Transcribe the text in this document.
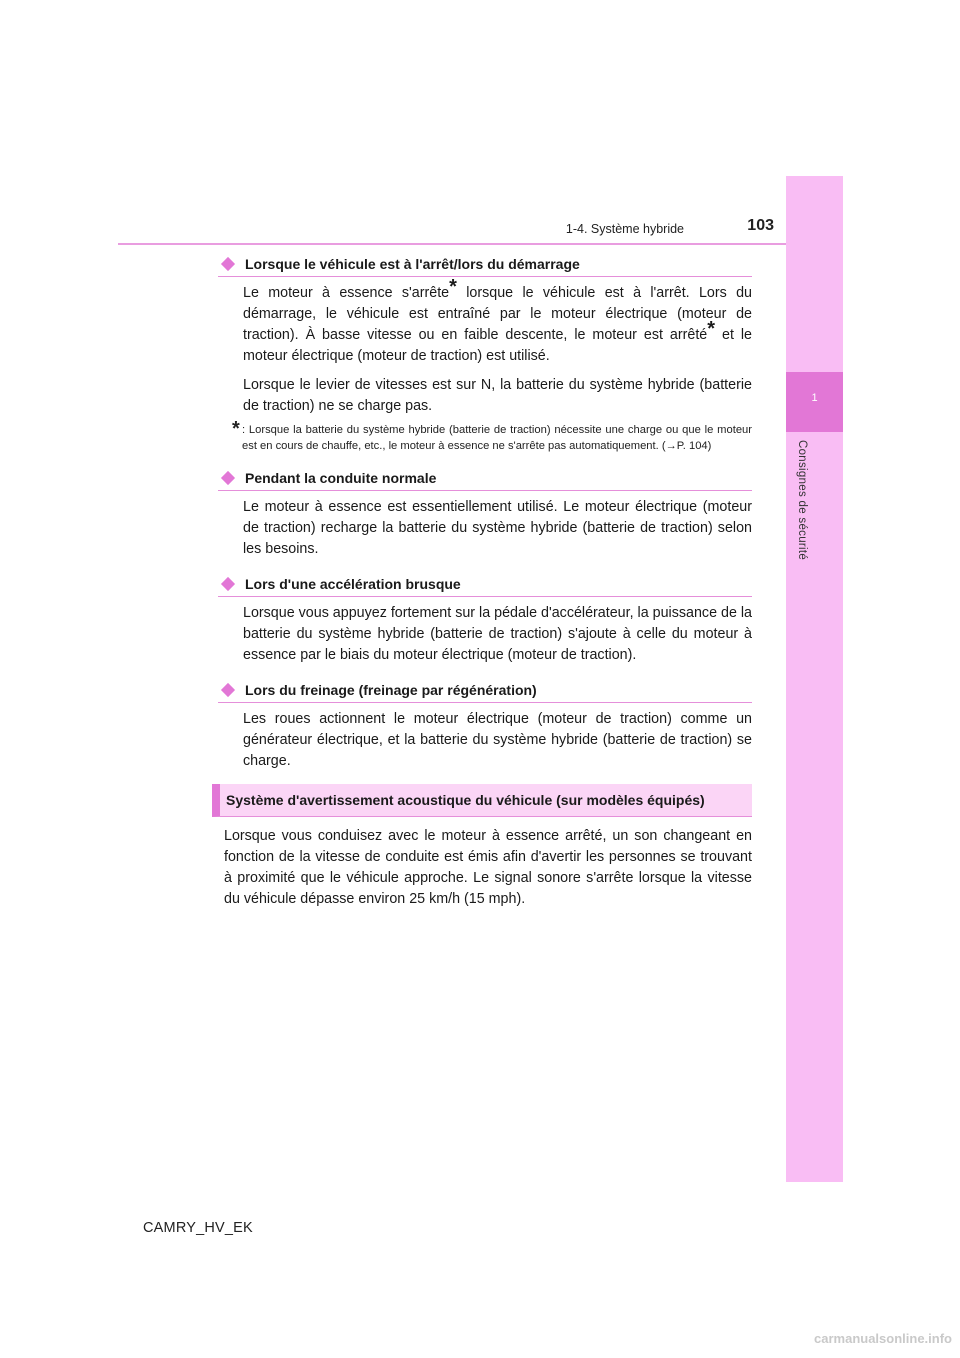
1-4. Système hybride	103
1
Consignes de sécurité
Lorsque le véhicule est à l'arrêt/lors du démarrage

Le moteur à essence s'arrête* lorsque le véhicule est à l'arrêt. Lors du démarrage, le véhicule est entraîné par le moteur électrique (moteur de traction). À basse vitesse ou en faible descente, le moteur est arrêté* et le moteur électrique (moteur de traction) est utilisé.

Lorsque le levier de vitesses est sur N, la batterie du système hybride (batterie de traction) ne se charge pas.

* : Lorsque la batterie du système hybride (batterie de traction) nécessite une charge ou que le moteur est en cours de chauffe, etc., le moteur à essence ne s'arrête pas automatiquement. (→P. 104)
Pendant la conduite normale

Le moteur à essence est essentiellement utilisé. Le moteur électrique (moteur de traction) recharge la batterie du système hybride (batterie de traction) selon les besoins.

Lors d'une accélération brusque

Lorsque vous appuyez fortement sur la pédale d'accélérateur, la puissance de la batterie du système hybride (batterie de traction) s'ajoute à celle du moteur à essence par le biais du moteur électrique (moteur de traction).

Lors du freinage (freinage par régénération)

Les roues actionnent le moteur électrique (moteur de traction) comme un générateur électrique, et la batterie du système hybride (batterie de traction) se charge.

Système d'avertissement acoustique du véhicule (sur modèles équipés)

Lorsque vous conduisez avec le moteur à essence arrêté, un son changeant en fonction de la vitesse de conduite est émis afin d'avertir les personnes se trouvant à proximité que le véhicule approche. Le signal sonore s'arrête lorsque la vitesse du véhicule dépasse environ 25 km/h (15 mph).

CAMRY_HV_EK
carmanualsonline.info
